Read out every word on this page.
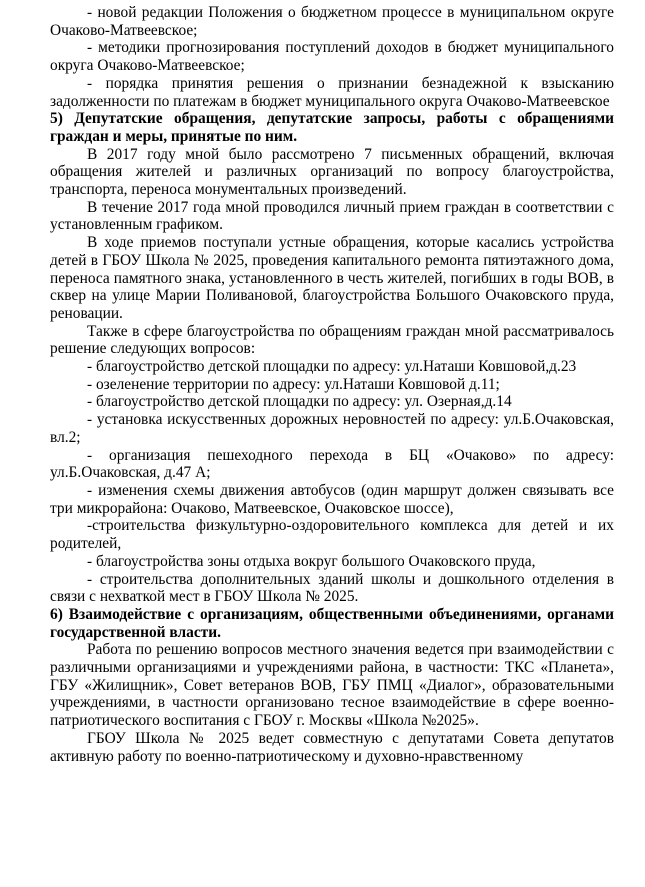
- новой редакции Положения о бюджетном процессе в муниципальном округе Очаково-Матвеевское;

- методики прогнозирования поступлений доходов в бюджет муниципального округа Очаково-Матвеевское;

- порядка принятия решения о признании безнадежной к взысканию задолженности по платежам в бюджет муниципального округа Очаково-Матвеевское

5) Депутатские обращения, депутатские запросы, работы с обращениями граждан и меры, принятые по ним.

В 2017 году мной было рассмотрено 7 письменных обращений, включая обращения жителей и различных организаций по вопросу благоустройства, транспорта, переноса монументальных произведений.

В течение 2017 года мной проводился личный прием граждан в соответствии с установленным графиком.

В ходе приемов поступали устные обращения, которые касались устройства детей в ГБОУ Школа № 2025, проведения капитального ремонта пятиэтажного дома, переноса памятного знака, установленного в честь жителей, погибших в годы ВОВ, в сквер на улице Марии Поливановой, благоустройства Большого Очаковского пруда, реновации.

Также в сфере благоустройства по обращениям граждан мной рассматривалось решение следующих вопросов:

- благоустройство детской площадки по адресу: ул.Наташи Ковшовой,д.23

- озеленение территории по адресу: ул.Наташи Ковшовой д.11;

- благоустройство детской площадки по адресу: ул. Озерная,д.14

- установка искусственных дорожных неровностей по адресу: ул.Б.Очаковская, вл.2;

- организация пешеходного перехода в БЦ «Очаково» по адресу: ул.Б.Очаковская, д.47 А;

- изменения схемы движения автобусов (один маршрут должен связывать все три микрорайона: Очаково, Матвеевское, Очаковское шоссе),

-строительства физкультурно-оздоровительного комплекса для детей и их родителей,

- благоустройства зоны отдыха вокруг большого Очаковского пруда,

- строительства дополнительных зданий школы и дошкольного отделения в связи с нехваткой мест в ГБОУ Школа № 2025.

6) Взаимодействие с организациям, общественными объединениями, органами государственной власти.

Работа по решению вопросов местного значения ведется при взаимодействии с различными организациями и учреждениями района, в частности: ТКС «Планета», ГБУ «Жилищник», Совет ветеранов ВОВ, ГБУ ПМЦ «Диалог», образовательными учреждениями, в частности организовано тесное взаимодействие в сфере военно-патриотического воспитания с ГБОУ г. Москвы «Школа №2025».

ГБОУ Школа № 2025 ведет совместную с депутатами Совета депутатов активную работу по военно-патриотическому и духовно-нравственному
